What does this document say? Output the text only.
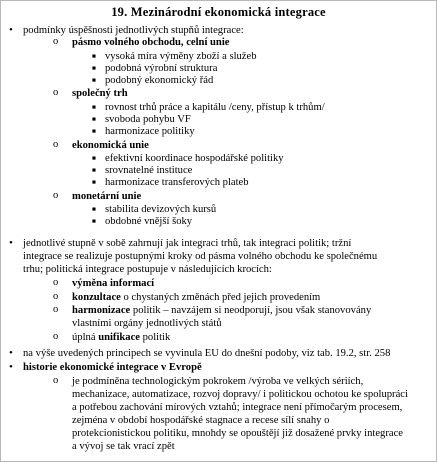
19. Mezinárodní ekonomická integrace
• podmínky úspěšnosti jednotlivých stupňů integrace:
o pásmo volného obchodu, celní unie
■ vysoká míra výměny zboží a služeb
■ podobná výrobní struktura
■ podobný ekonomický řád
o společný trh
■ rovnost trhů práce a kapitálu /ceny, přístup k trhům/
■ svoboda pohybu VF
■ harmonizace politiky
o ekonomická unie
■ efektivní koordinace hospodářské politiky
■ srovnatelné instituce
■ harmonizace transferových plateb
o monetární unie
■ stabilita devizových kursů
■ obdobné vnější šoky
• jednotlivé stupně v sobě zahrnují jak integraci trhů, tak integraci politik; tržní
integrace se realizuje postupnými kroky od pásma volného obchodu ke společnému
trhu; politická integrace postupuje v následujících krocích:
o výměna informací
o konzultace o chystaných změnách před jejich provedením
o harmonizace politik – navzájem si neodporují, jsou však stanovovány
vlastními orgány jednotlivých států
o úplná unifikace politik
• na výše uvedených principech se vyvinula EU do dnešní podoby, viz tab. 19.2, str. 258
• historie ekonomické integrace v Evropě
o je podmíněna technologickým pokrokem /výroba ve velkých sériích,
mechanizace, automatizace, rozvoj dopravy/ i politickou ochotou ke spolupráci
a potřebou zachování mírových vztahů; integrace není přímočarým procesem,
zejména v období hospodářské stagnace a recese sílí snahy o
protekcionistickou politiku, mnohdy se opouštějí již dosažené prvky integrace
a vývoj se tak vrací zpět
